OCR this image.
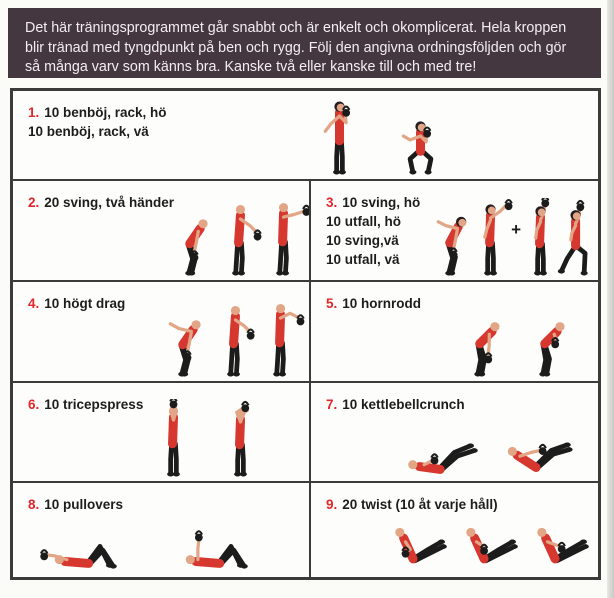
Det här träningsprogrammet går snabbt och är enkelt och okomplicerat. Hela kroppen blir tränad med tyngdpunkt på ben och rygg. Följ den angivna ordningsföljden och gör så många varv som känns bra. Kanske två eller kanske till och med tre!

1. 10 benböj, rack, hö
10 benböj, rack, vä
2. 20 sving, två händer	3. 10 sving, hö
10 utfall, hö
10 sving,vä
10 utfall, vä
+
4. 10 högt drag	5. 10 hornrodd
6. 10 tricepspress	7. 10 kettlebellcrunch
8. 10 pullovers	9. 20 twist (10 åt varje håll)
